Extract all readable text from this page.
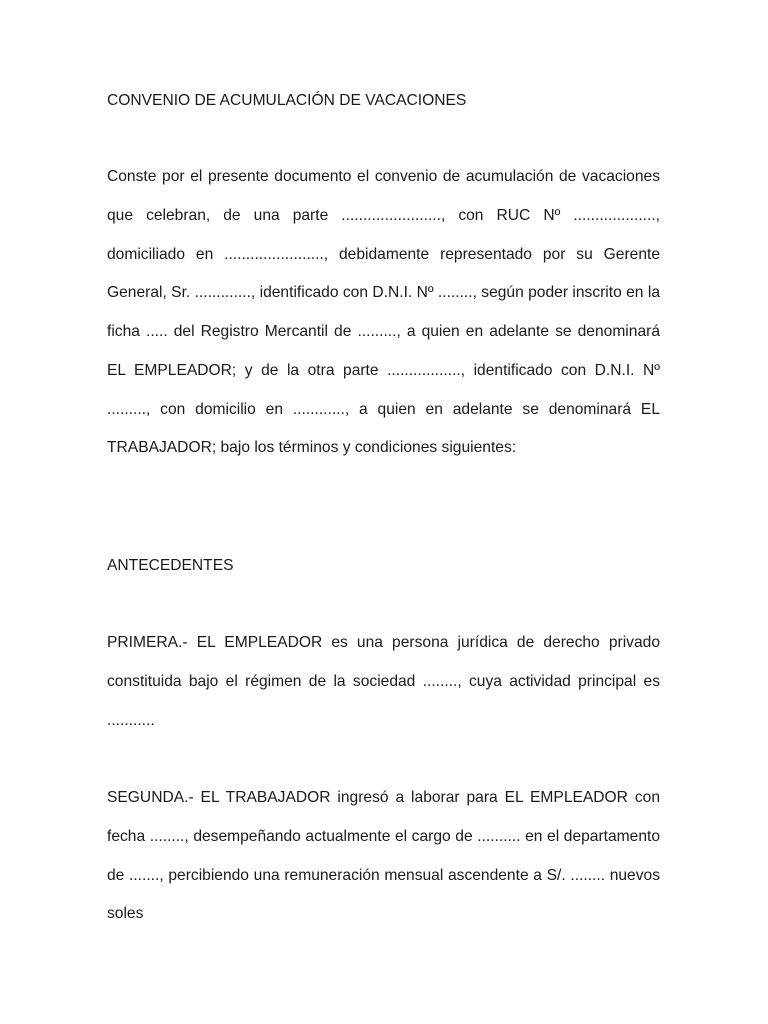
CONVENIO DE ACUMULACIÓN DE VACACIONES

Conste por el presente documento el convenio de acumulación de vacaciones que celebran, de una parte ......................., con RUC Nº ..................., domiciliado en ......................., debidamente representado por su Gerente General, Sr. ............., identificado con D.N.I. Nº ........, según poder inscrito en la ficha ..... del Registro Mercantil de ........., a quien en adelante se denominará EL EMPLEADOR; y de la otra parte ................., identificado con D.N.I. Nº ........., con domicilio en ............, a quien en adelante se denominará EL TRABAJADOR; bajo los términos y condiciones siguientes:

ANTECEDENTES

PRIMERA.- EL EMPLEADOR es una persona jurídica de derecho privado constituida bajo el régimen de la sociedad ........, cuya actividad principal es ...........

SEGUNDA.- EL TRABAJADOR ingresó a laborar para EL EMPLEADOR con fecha ........, desempeñando actualmente el cargo de .......... en el departamento de ......., percibiendo una remuneración mensual ascendente a S/. ........ nuevos soles
